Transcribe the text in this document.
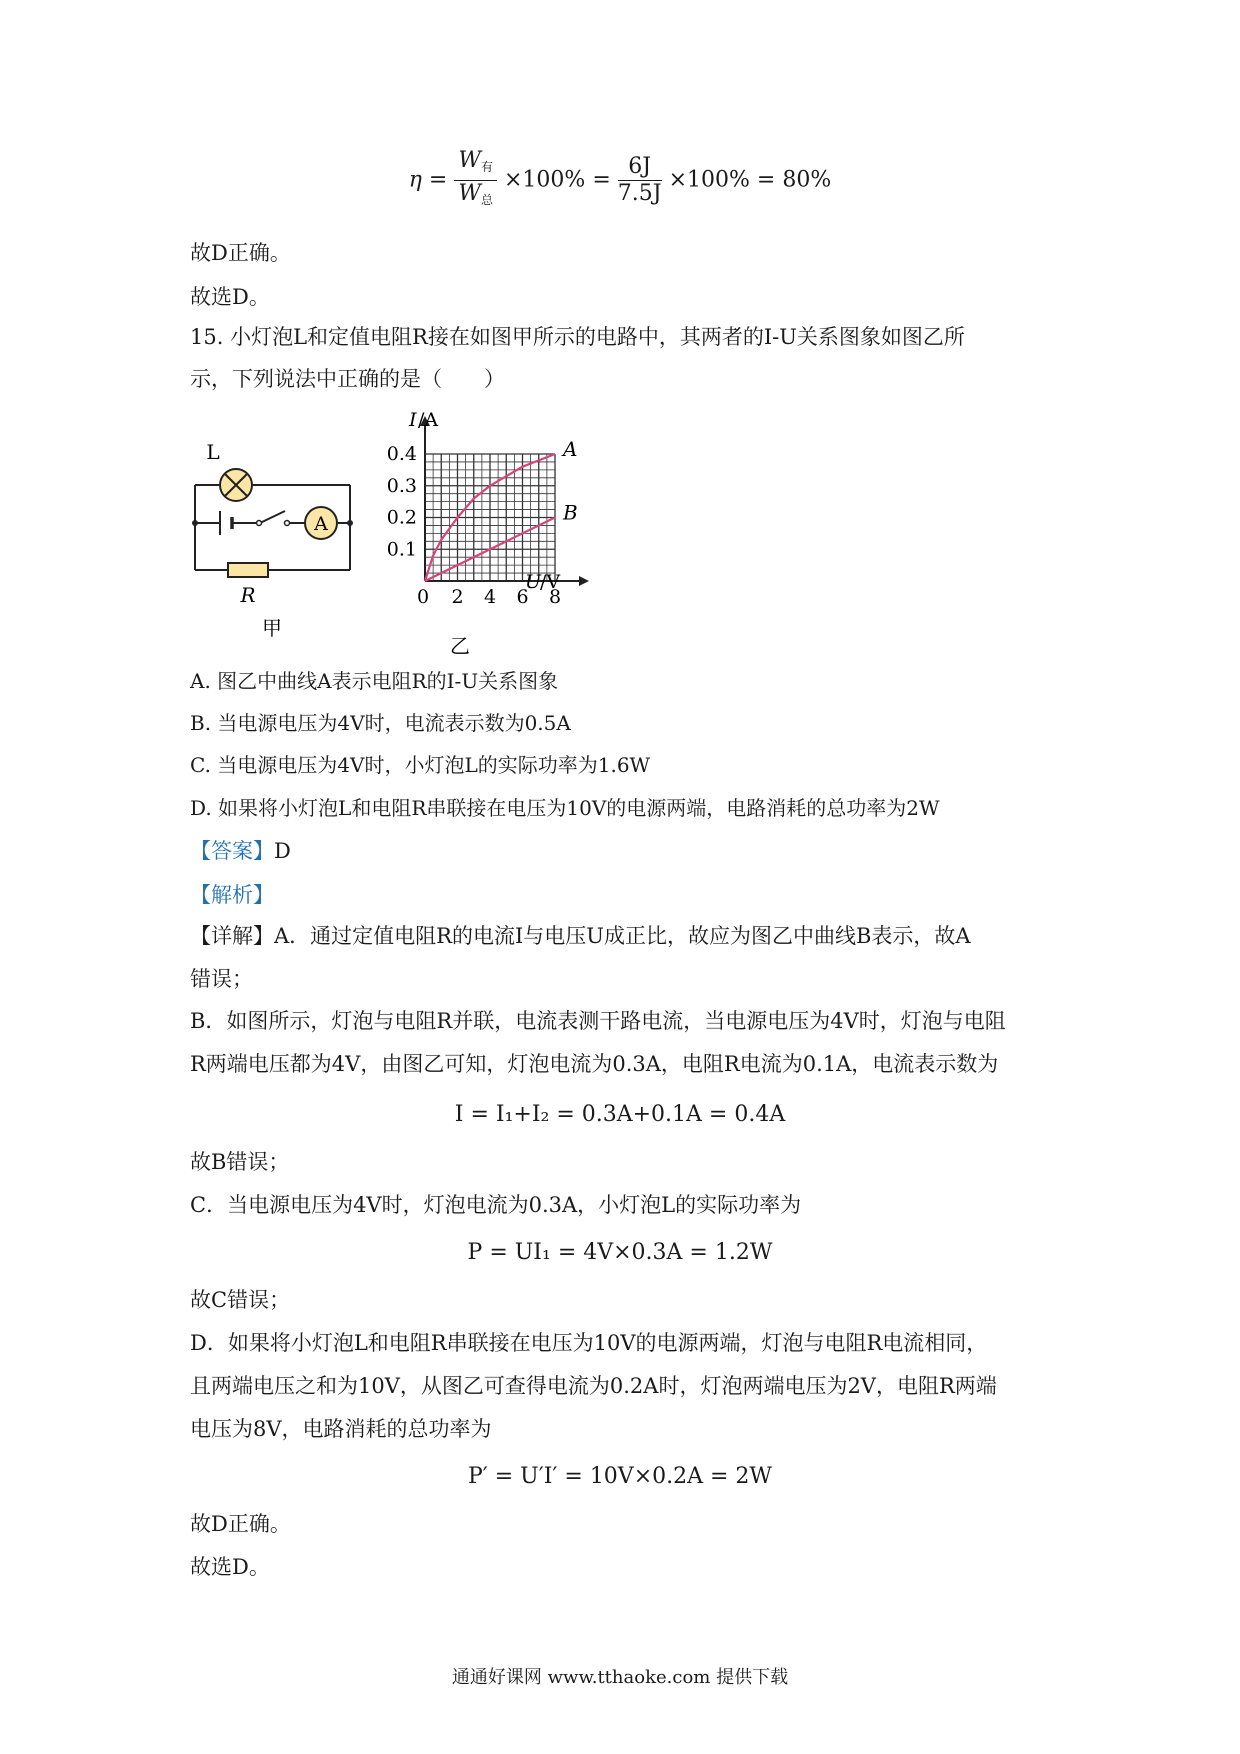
$\eta = \frac{W_有}{W_总} \times 100\% = \frac{6J}{7.5J} \times 100\% = 80\%$
故D正确。
故选D。
15. 小灯泡L和定值电阻R接在如图甲所示的电路中，其两者的I-U关系图象如图乙所
示，下列说法中正确的是（　　）
A
L
R
甲
0 2 4 6 8
0.1
0.2
0.3
0.4	A
B
I /A
U
/V
乙
A. 图乙中曲线A表示电阻R的I-U关系图象
B. 当电源电压为4V时，电流表示数为0.5A
C. 当电源电压为4V时，小灯泡L的实际功率为1.6W
D. 如果将小灯泡L和电阻R串联接在电压为10V的电源两端，电路消耗的总功率为2W
【答案】D
【解析】
【详解】A．通过定值电阻R的电流I与电压U成正比，故应为图乙中曲线B表示，故A
错误；
B．如图所示，灯泡与电阻R并联，电流表测干路电流，当电源电压为4V时，灯泡与电阻
R两端电压都为4V，由图乙可知，灯泡电流为0.3A，电阻R电流为0.1A，电流表示数为
I = I₁+I₂ = 0.3A+0.1A = 0.4A
故B错误；
C．当电源电压为4V时，灯泡电流为0.3A，小灯泡L的实际功率为
P = UI₁ = 4V×0.3A = 1.2W
故C错误；
D．如果将小灯泡L和电阻R串联接在电压为10V的电源两端，灯泡与电阻R电流相同，
且两端电压之和为10V，从图乙可查得电流为0.2A时，灯泡两端电压为2V，电阻R两端
电压为8V，电路消耗的总功率为
P′ = U′I′ = 10V×0.2A = 2W
故D正确。
故选D。
通通好课网 www.tthaoke.com 提供下载
